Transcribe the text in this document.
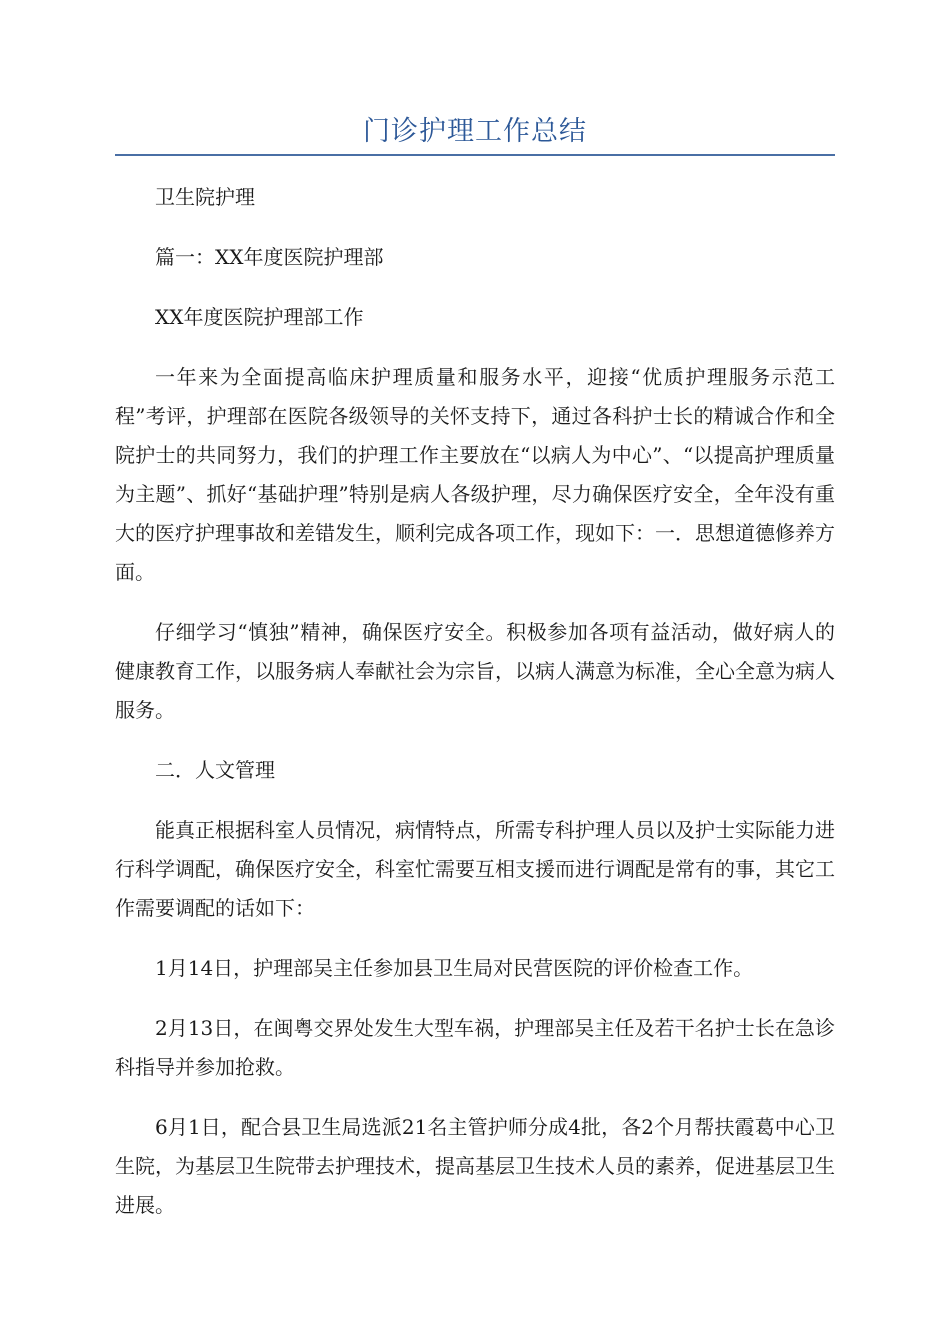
门诊护理工作总结

卫生院护理

篇一：XX年度医院护理部

XX年度医院护理部工作

一年来为全面提高临床护理质量和服务水平，迎接“优质护理服务示范工程”考评，护理部在医院各级领导的关怀支持下，通过各科护士长的精诚合作和全院护士的共同努力，我们的护理工作主要放在“以病人为中心”、“以提高护理质量为主题”、抓好“基础护理”特别是病人各级护理，尽力确保医疗安全，全年没有重大的医疗护理事故和差错发生，顺利完成各项工作，现如下：一．思想道德修养方面。

仔细学习“慎独”精神，确保医疗安全。积极参加各项有益活动，做好病人的健康教育工作，以服务病人奉献社会为宗旨，以病人满意为标准，全心全意为病人服务。

二．人文管理

能真正根据科室人员情况，病情特点，所需专科护理人员以及护士实际能力进行科学调配，确保医疗安全，科室忙需要互相支援而进行调配是常有的事，其它工作需要调配的话如下：

1月14日，护理部吴主任参加县卫生局对民营医院的评价检查工作。

2月13日，在闽粤交界处发生大型车祸，护理部吴主任及若干名护士长在急诊科指导并参加抢救。

6月1日，配合县卫生局选派21名主管护师分成4批，各2个月帮扶霞葛中心卫生院，为基层卫生院带去护理技术，提高基层卫生技术人员的素养，促进基层卫生进展。
